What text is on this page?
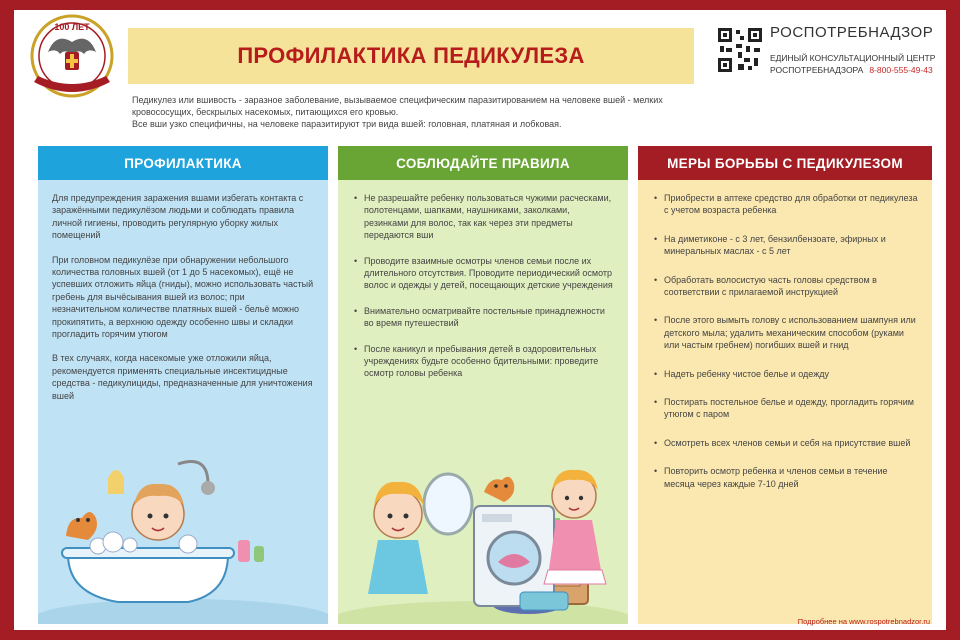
100 ЛЕТ
ПРОФИЛАКТИКА ПЕДИКУЛЕЗА
РОСПОТРЕБНАДЗОР
ЕДИНЫЙ КОНСУЛЬТАЦИОННЫЙ ЦЕНТР
РОСПОТРЕБНАДЗОРА 8-800-555-49-43

Педикулез или вшивость - заразное заболевание, вызываемое специфическим паразитированием на человеке вшей - мелких кровососущих, бескрылых насекомых, питающихся его кровью.

Все вши узко специфичны, на человеке паразитируют три вида вшей: головная, платяная и лобковая.

ПРОФИЛАКТИКА

Для предупреждения заражения вшами избегать контакта с заражёнными педикулёзом людьми и соблюдать правила личной гигиены, проводить регулярную уборку жилых помещений

При головном педикулёзе при обнаружении небольшого количества головных вшей (от 1 до 5 насекомых), ещё не успевших отложить яйца (гниды), можно использовать частый гребень для вычёсывания вшей из волос; при незначительном количестве платяных вшей - бельё можно прокипятить, а верхнюю одежду особенно швы и складки прогладить горячим утюгом

В тех случаях, когда насекомые уже отложили яйца, рекомендуется применять специальные инсектицидные средства - педикулициды, предназначенные для уничтожения вшей

СОБЛЮДАЙТЕ ПРАВИЛА
• Не разрешайте ребенку пользоваться чужими расческами, полотенцами, шапками, наушниками, заколками, резинками для волос, так как через эти предметы передаются вши
• Проводите взаимные осмотры членов семьи после их длительного отсутствия. Проводите периодический осмотр волос и одежды у детей, посещающих детские учреждения
• Внимательно осматривайте постельные принадлежности во время путешествий
• После каникул и пребывания детей в оздоровительных учреждениях будьте особенно бдительными: проведите осмотр головы ребенка
МЕРЫ БОРЬБЫ С ПЕДИКУЛЕЗОМ
• Приобрести в аптеке средство для обработки от педикулеза с учетом возраста ребенка
• На диметиконе - с 3 лет, бензилбензоате, эфирных и минеральных маслах - с 5 лет
• Обработать волосистую часть головы средством в соответствии с прилагаемой инструкцией
• После этого вымыть голову с использованием шампуня или детского мыла; удалить механическим способом (руками или частым гребнем) погибших вшей и гнид
• Надеть ребенку чистое белье и одежду
• Постирать постельное белье и одежду, прогладить горячим утюгом с паром
• Осмотреть всех членов семьи и себя на присутствие вшей
• Повторить осмотр ребенка и членов семьи в течение месяца через каждые 7-10 дней
Подробнее на www.rospotrebnadzor.ru
